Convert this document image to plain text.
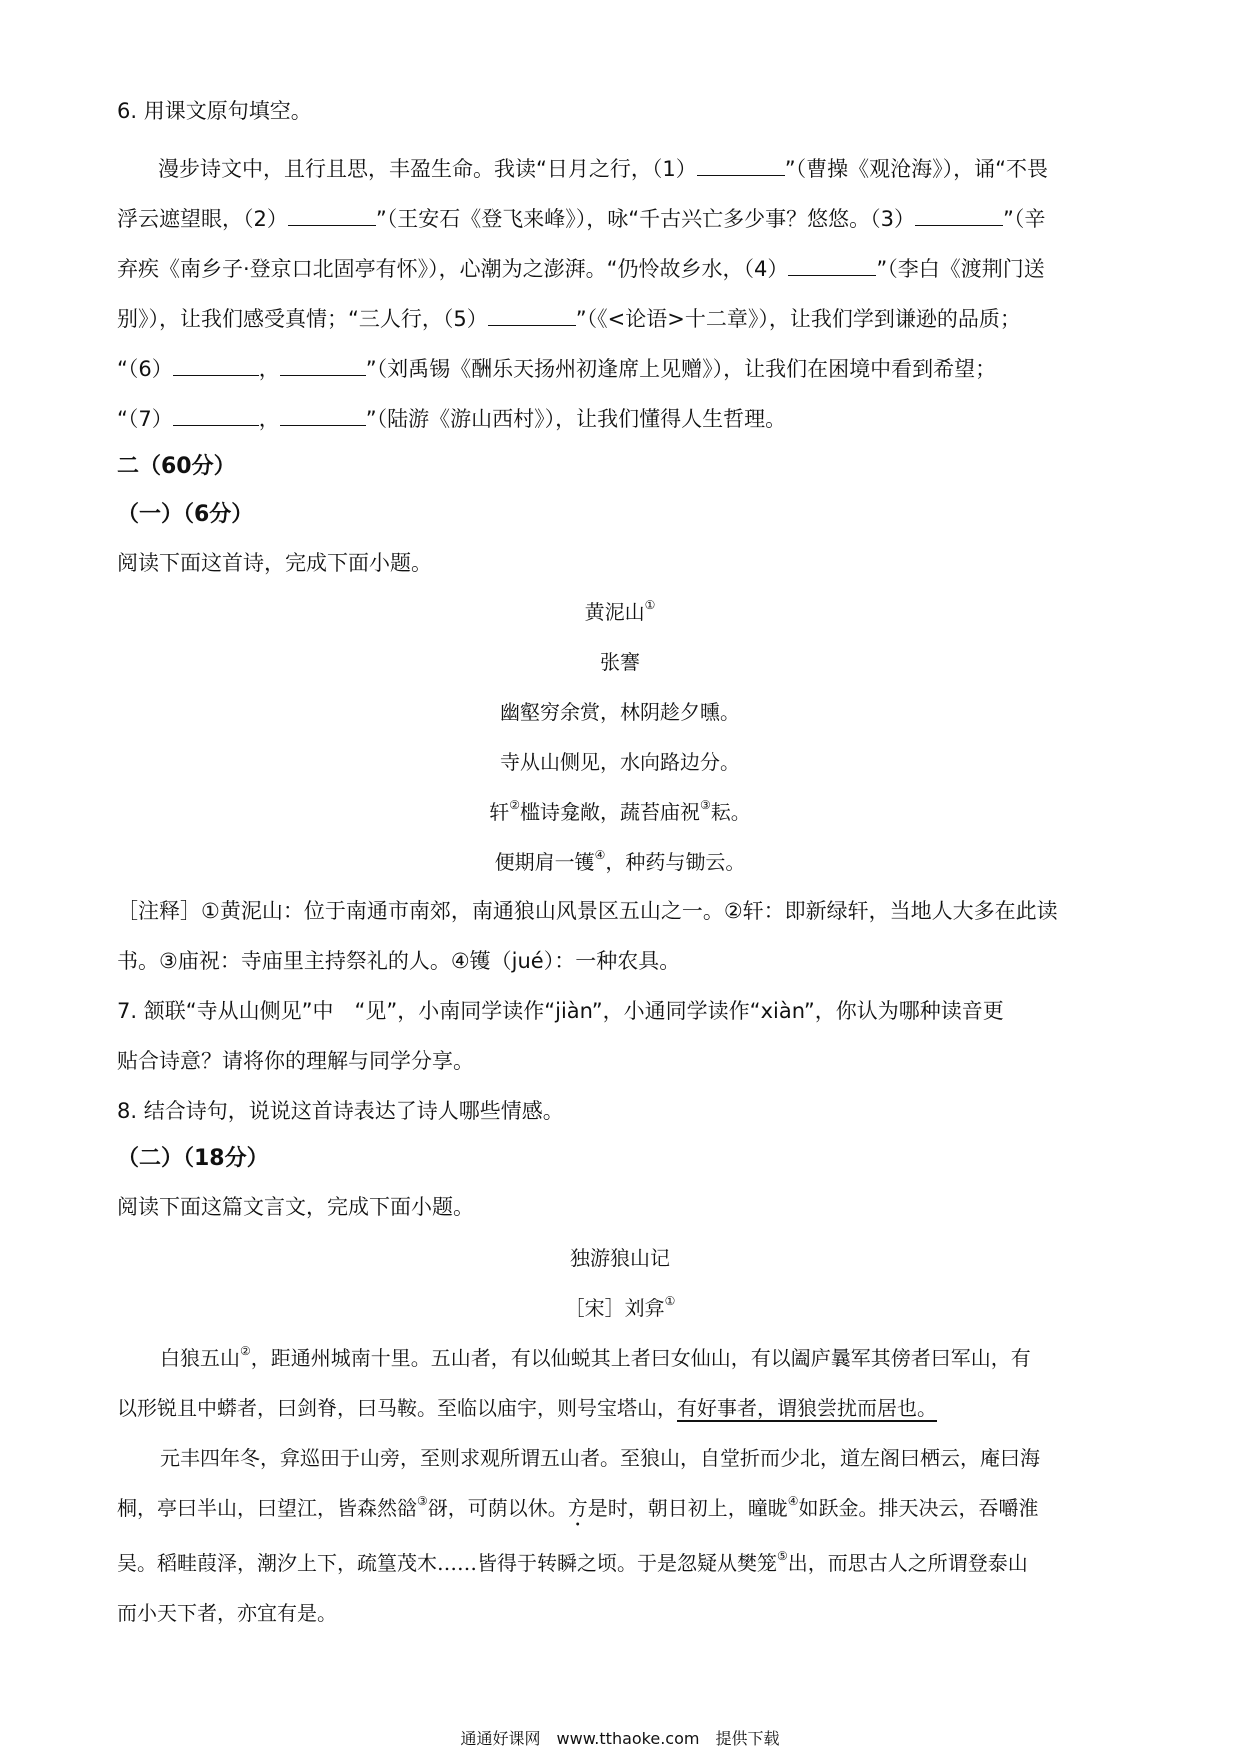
6. 用课文原句填空。
漫步诗文中，且行且思，丰盈生命。我读“日月之行，（1）	”（曹操《观沧海》），诵“不畏
浮云遮望眼，（2）	”（王安石《登飞来峰》），咏“千古兴亡多少事？悠悠。（3）	”（辛
弃疾《南乡子·登京口北固亭有怀》），心潮为之澎湃。“仍怜故乡水，（4）	”（李白《渡荆门送
别》），让我们感受真情；“三人行，（5）	”（《<论语>十二章》），让我们学到谦逊的品质；
“（6）	，	”（刘禹锡《酬乐天扬州初逢席上见赠》），让我们在困境中看到希望；
“（7）	，	”（陆游《游山西村》），让我们懂得人生哲理。
二（60分）
（一）（6分）
阅读下面这首诗，完成下面小题。
黄泥山①
张謇
幽壑穷余赏，林阴趁夕曛。
寺从山侧见，水向路边分。
轩②槛诗龛敞，蔬苔庙祝③耘。
便期肩一镬④，种药与锄云。
［注释］①黄泥山：位于南通市南郊，南通狼山风景区五山之一。②轩：即新绿轩，当地人大多在此读
书。③庙祝：寺庙里主持祭礼的人。④镬（jué）：一种农具。
7. 颔联“寺从山侧见”中　“见”，小南同学读作“jiàn”，小通同学读作“xiàn”，你认为哪种读音更
贴合诗意？请将你的理解与同学分享。
8. 结合诗句，说说这首诗表达了诗人哪些情感。
（二）（18分）
阅读下面这篇文言文，完成下面小题。
独游狼山记
［宋］刘弇①
白狼五山②，距通州城南十里。五山者，有以仙蜕其上者曰女仙山，有以阖庐曩军其傍者曰军山，有
以形锐且中蟒者，曰剑脊，曰马鞍。至临以庙宇，则号宝塔山，有好事者，谓狼尝扰而居也。
元丰四年冬，弇巡田于山旁，至则求观所谓五山者。至狼山，自堂折而少北，道左阁曰栖云，庵曰海
桐，亭曰半山，曰望江，皆森然谽③谺，可荫以休。方是时，朝日初上，曈昽④如跃金。排天决云，吞嚼淮
吴。稻畦葭泽，潮汐上下，疏篁茂木……皆得于转瞬之顷。于是忽疑从樊笼⑤出，而思古人之所谓登泰山
而小天下者，亦宜有是。
通通好课网　www.tthaoke.com　提供下载
